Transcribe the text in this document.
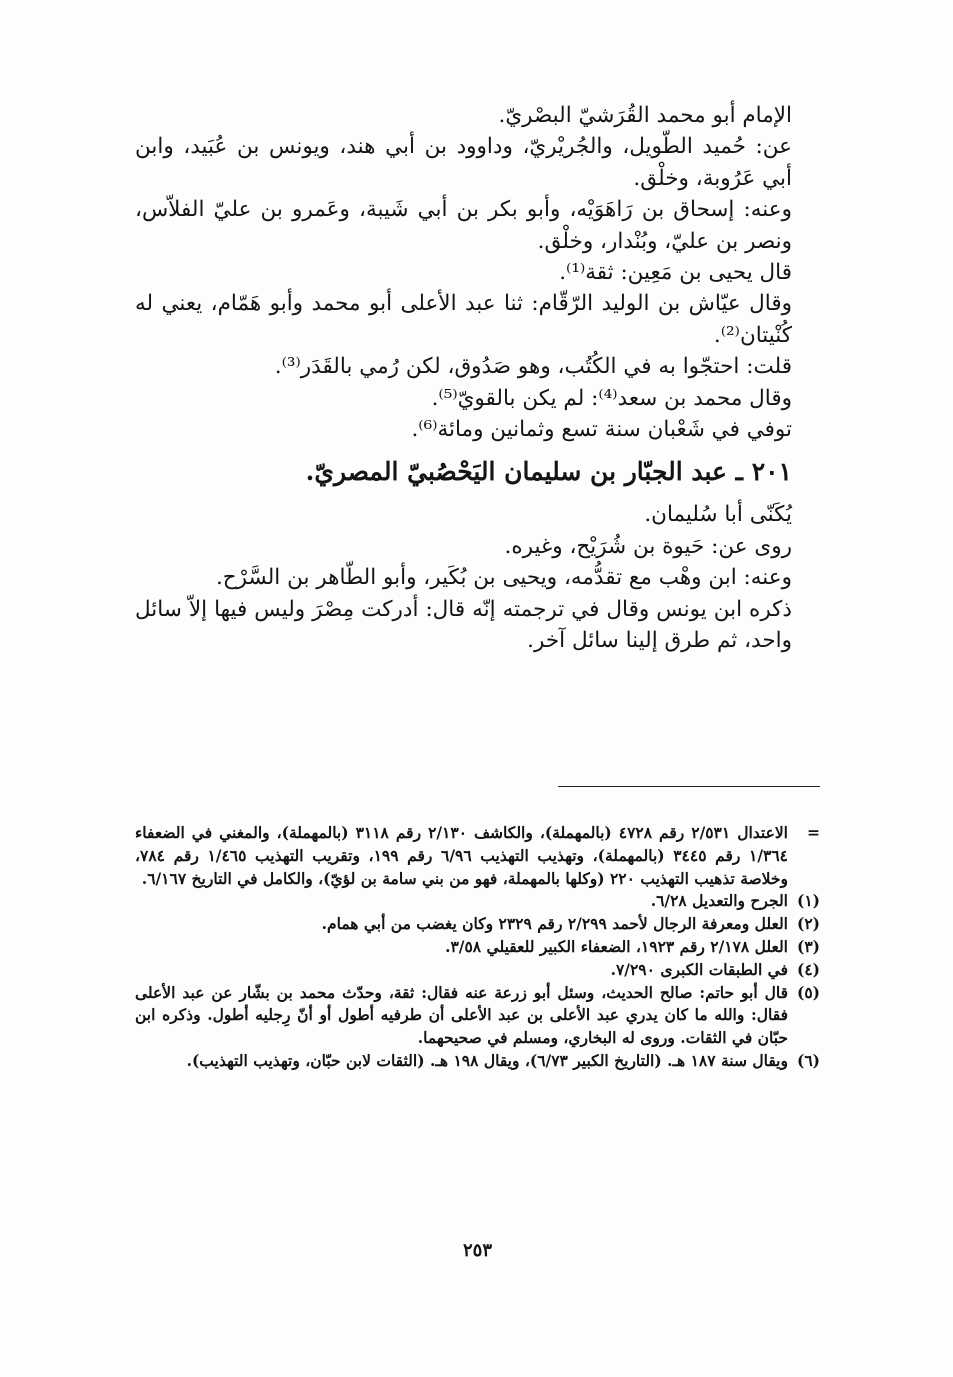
الإمام أبو محمد القُرَشيّ البصْريّ.

عن: حُميد الطّويل، والجُريْريّ، وداوود بن أبي هند، ويونس بن عُبَيد، وابن أبي عَرُوبة، وخلْق.

وعنه: إسحاق بن رَاهَوَيْه، وأبو بكر بن أبي شَيبة، وعَمرو بن عليّ الفلاّس، ونصر بن عليّ، وبُنْدار، وخلْق.

قال يحيى بن مَعِين: ثقة⁽¹⁾.

وقال عيّاش بن الوليد الرّقّام: ثنا عبد الأعلى أبو محمد وأبو هَمّام، يعني له كُنْيتان⁽²⁾.

قلت: احتجّوا به في الكُتُب، وهو صَدُوق، لكن رُمي بالقَدَر⁽³⁾.

وقال محمد بن سعد⁽⁴⁾: لم يكن بالقويّ⁽⁵⁾.

توفي في شَعْبان سنة تسع وثمانين ومائة⁽⁶⁾.

٢٠١ ـ عبد الجبّار بن سليمان اليَحْصُبيّ المصريّ.

يُكَنّى أبا سُليمان.

روى عن: حَيوة بن شُرَيْح، وغيره.

وعنه: ابن وهْب مع تقدُّمه، ويحيى بن بُكَير، وأبو الطّاهر بن السَّرْح.

ذكره ابن يونس وقال في ترجمته إنّه قال: أدركت مِصْرَ وليس فيها إلاّ سائل واحد، ثم طرق إلينا سائل آخر.

=
الاعتدال ٢/٥٣١ رقم ٤٧٢٨ (بالمهملة)، والكاشف ٢/١٣٠ رقم ٣١١٨ (بالمهملة)، والمغني في الضعفاء ١/٣٦٤ رقم ٣٤٤٥ (بالمهملة)، وتهذيب التهذيب ٦/٩٦ رقم ١٩٩، وتقريب التهذيب ١/٤٦٥ رقم ٧٨٤، وخلاصة تذهيب التهذيب ٢٢٠ (وكلها بالمهملة، فهو من بني سامة بن لؤيّ)، والكامل في التاريخ ٦/١٦٧.
(١)
الجرح والتعديل ٦/٢٨.
(٢)
العلل ومعرفة الرجال لأحمد ٢/٢٩٩ رقم ٢٣٢٩ وكان يغضب من أبي همام.
(٣)
العلل ٢/١٧٨ رقم ١٩٢٣، الضعفاء الكبير للعقيلي ٣/٥٨.
(٤)
في الطبقات الكبرى ٧/٢٩٠.
(٥)
قال أبو حاتم: صالح الحديث، وسئل أبو زرعة عنه فقال: ثقة، وحدّث محمد بن بشّار عن عبد الأعلى فقال: والله ما كان يدري عبد الأعلى بن عبد الأعلى أن طرفيه أطول أو أنّ رِجليه أطول. وذكره ابن حبّان في الثقات. وروى له البخاري، ومسلم في صحيحهما.
(٦)
ويقال سنة ١٨٧ هـ. (التاريخ الكبير ٦/٧٣)، ويقال ١٩٨ هـ. (الثقات لابن حبّان، وتهذيب التهذيب).
٢٥٣
